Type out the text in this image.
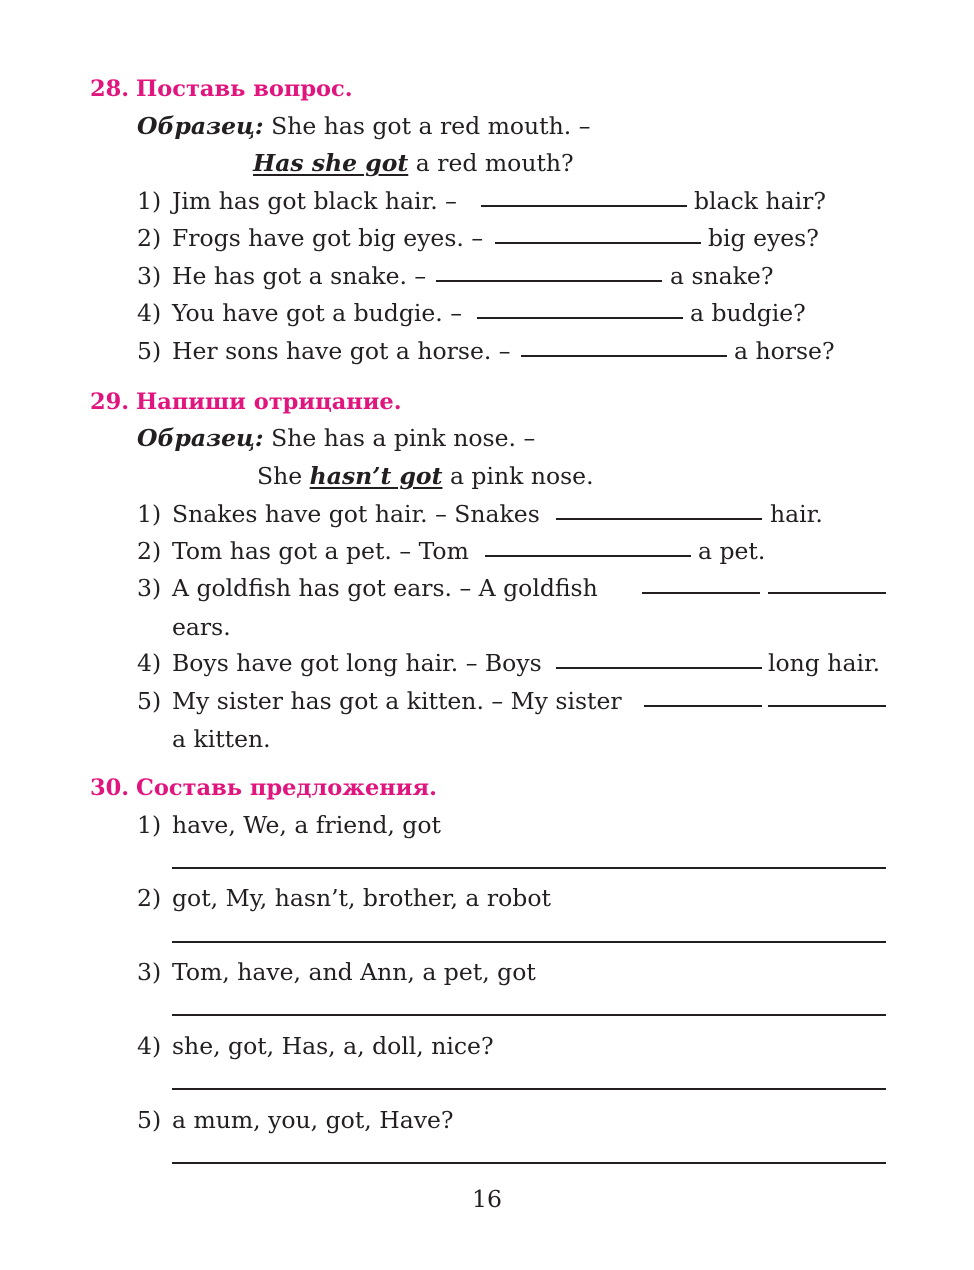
28. Поставь вопрос.
Образец: She has got a red mouth. –
Has she got a red mouth?
1) Jim has got black hair. –	black hair?
2) Frogs have got big eyes. –	big eyes?
3) He has got a snake. –	a snake?
4) You have got a budgie. –	a budgie?
5) Her sons have got a horse. –	a horse?
29. Напиши отрицание.
Образец: She has a pink nose. –
She hasn’t got a pink nose.
1) Snakes have got hair. – Snakes	hair.
2) Tom has got a pet. – Tom	a pet.
3) A goldfish has got ears. – A goldfish
ears.
4) Boys have got long hair. – Boys	long hair.
5) My sister has got a kitten. – My sister
a kitten.
30. Составь предложения.
1) have, We, a friend, got
2) got, My, hasn’t, brother, a robot
3) Tom, have, and Ann, a pet, got
4) she, got, Has, a, doll, nice?
5) a mum, you, got, Have?
16
